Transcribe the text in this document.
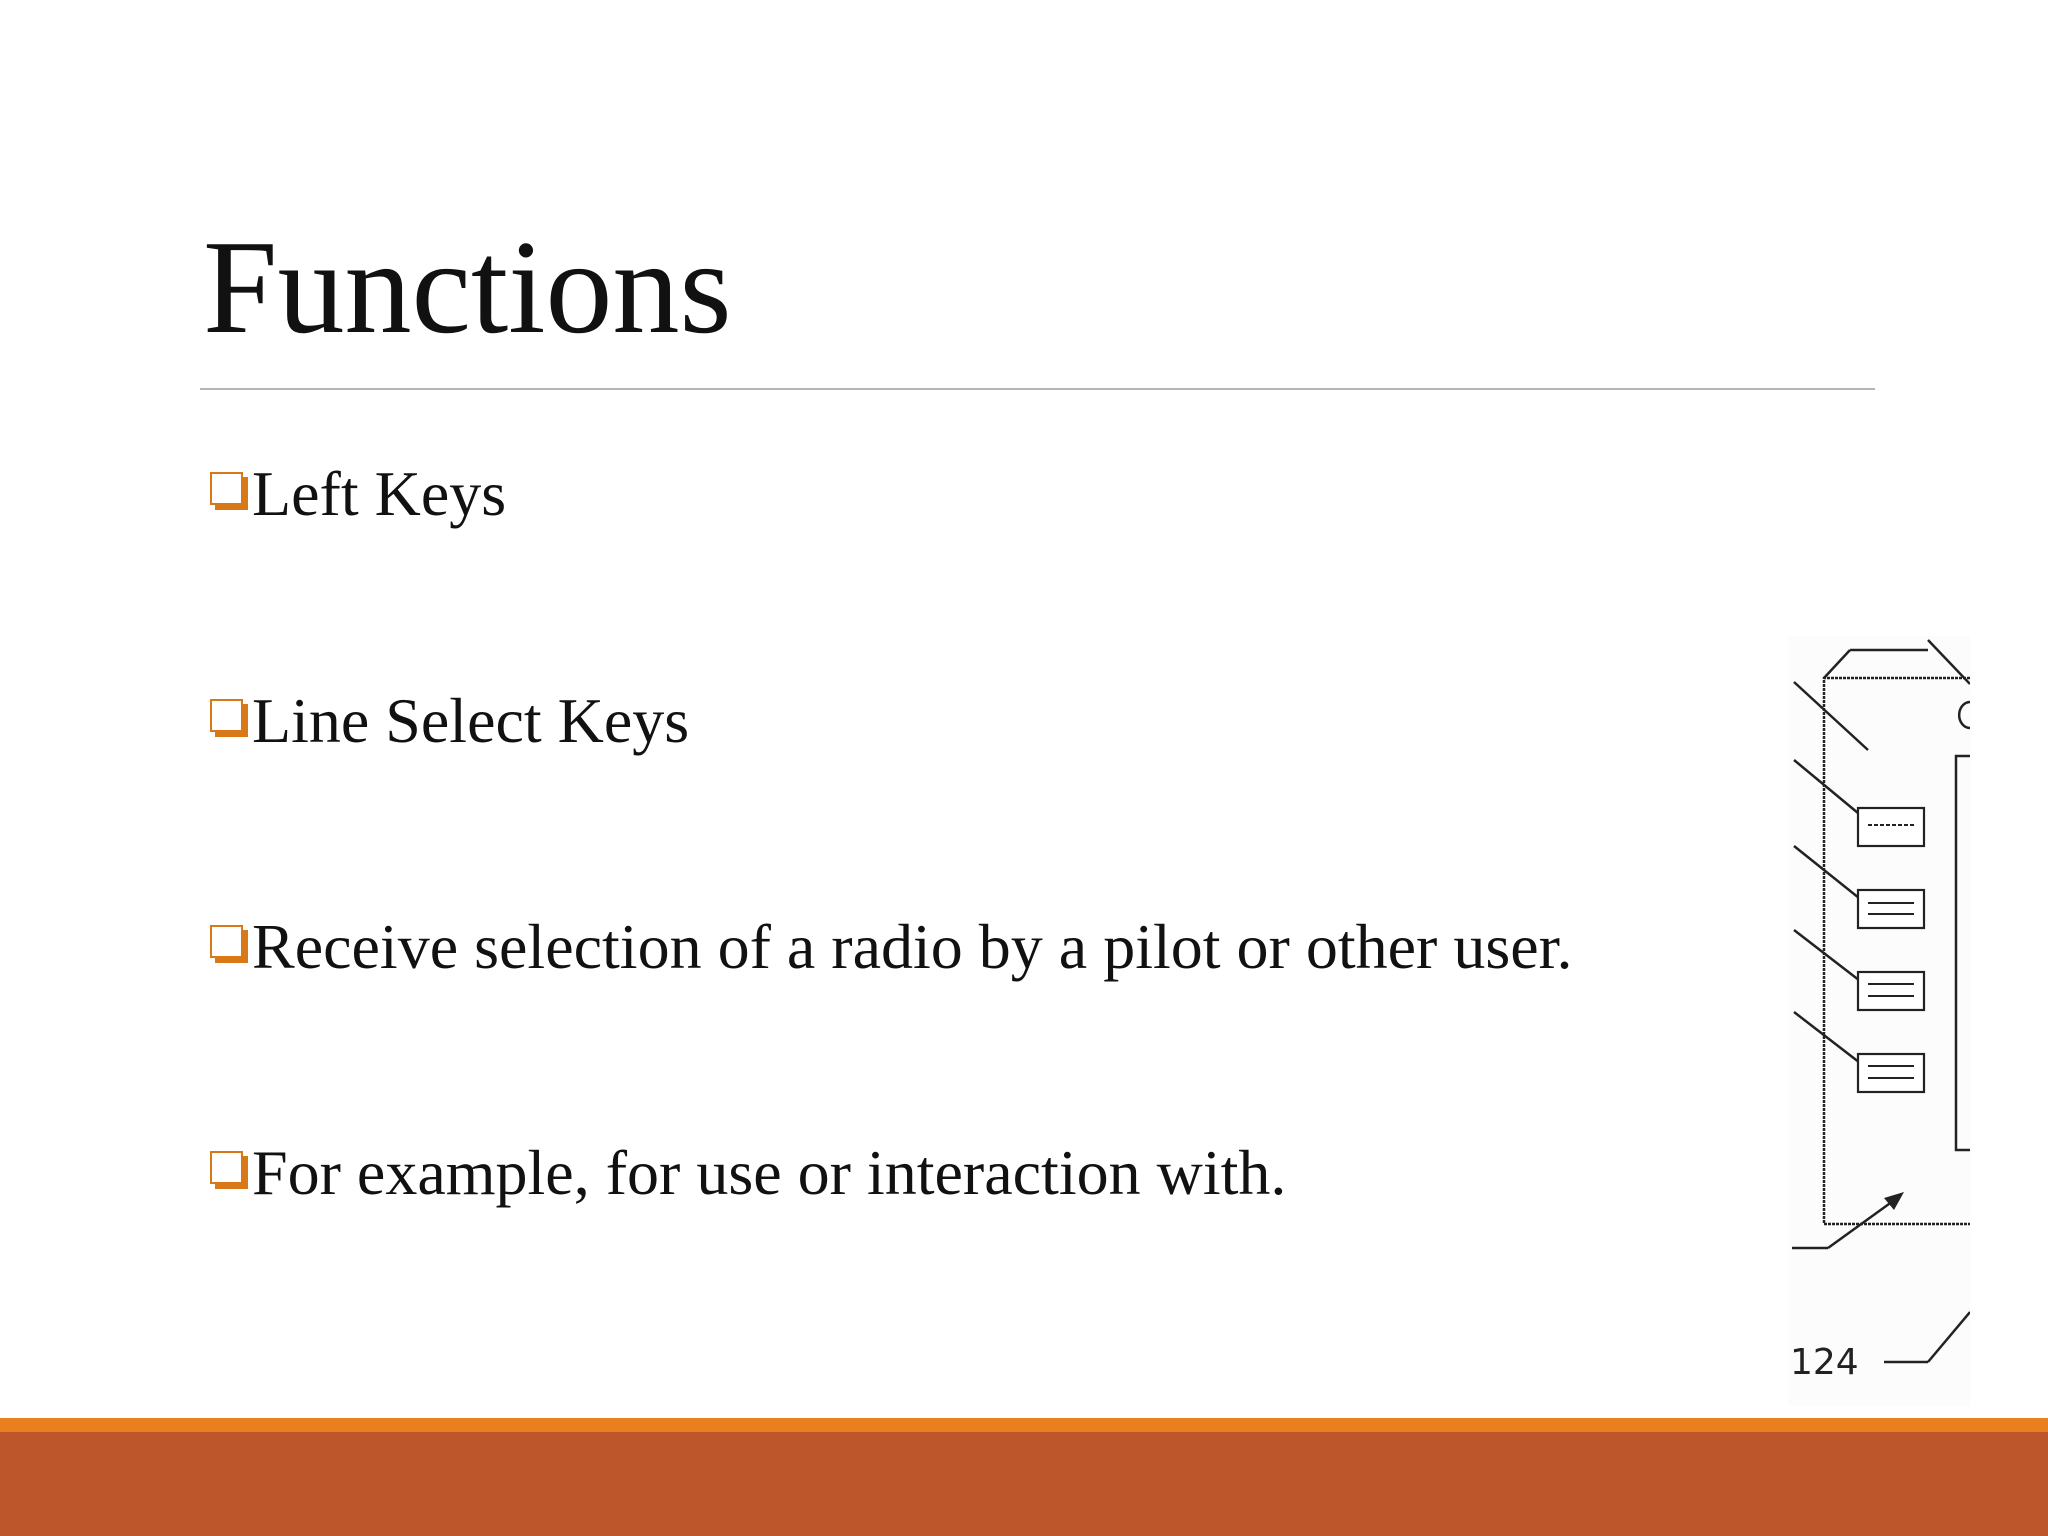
Functions
Left Keys
Line Select Keys
Receive selection of a radio by a pilot or other user.
For example, for use or interaction with.
124
